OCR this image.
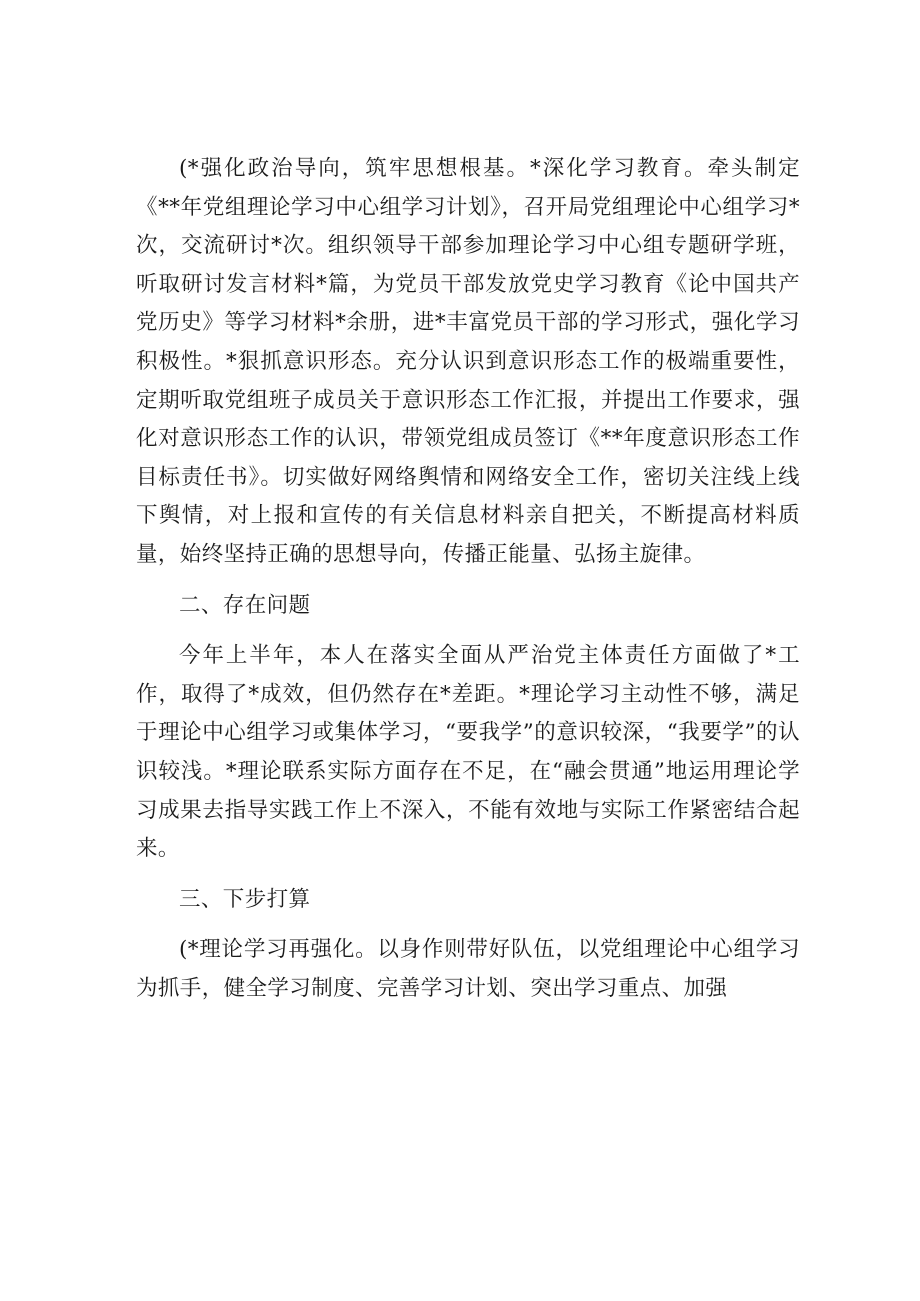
(*强化政治导向，筑牢思想根基。*深化学习教育。牵头制定《**年党组理论学习中心组学习计划》，召开局党组理论中心组学习*次，交流研讨*次。组织领导干部参加理论学习中心组专题研学班，听取研讨发言材料*篇，为党员干部发放党史学习教育《论中国共产党历史》等学习材料*余册，进*丰富党员干部的学习形式，强化学习积极性。*狠抓意识形态。充分认识到意识形态工作的极端重要性，定期听取党组班子成员关于意识形态工作汇报，并提出工作要求，强化对意识形态工作的认识，带领党组成员签订《**年度意识形态工作目标责任书》。切实做好网络舆情和网络安全工作，密切关注线上线下舆情，对上报和宣传的有关信息材料亲自把关，不断提高材料质量，始终坚持正确的思想导向，传播正能量、弘扬主旋律。

二、存在问题

今年上半年，本人在落实全面从严治党主体责任方面做了*工作，取得了*成效，但仍然存在*差距。*理论学习主动性不够，满足于理论中心组学习或集体学习，“要我学”的意识较深，“我要学”的认识较浅。*理论联系实际方面存在不足，在“融会贯通”地运用理论学习成果去指导实践工作上不深入，不能有效地与实际工作紧密结合起来。

三、下步打算

(*理论学习再强化。以身作则带好队伍，以党组理论中心组学习为抓手，健全学习制度、完善学习计划、突出学习重点、加强
